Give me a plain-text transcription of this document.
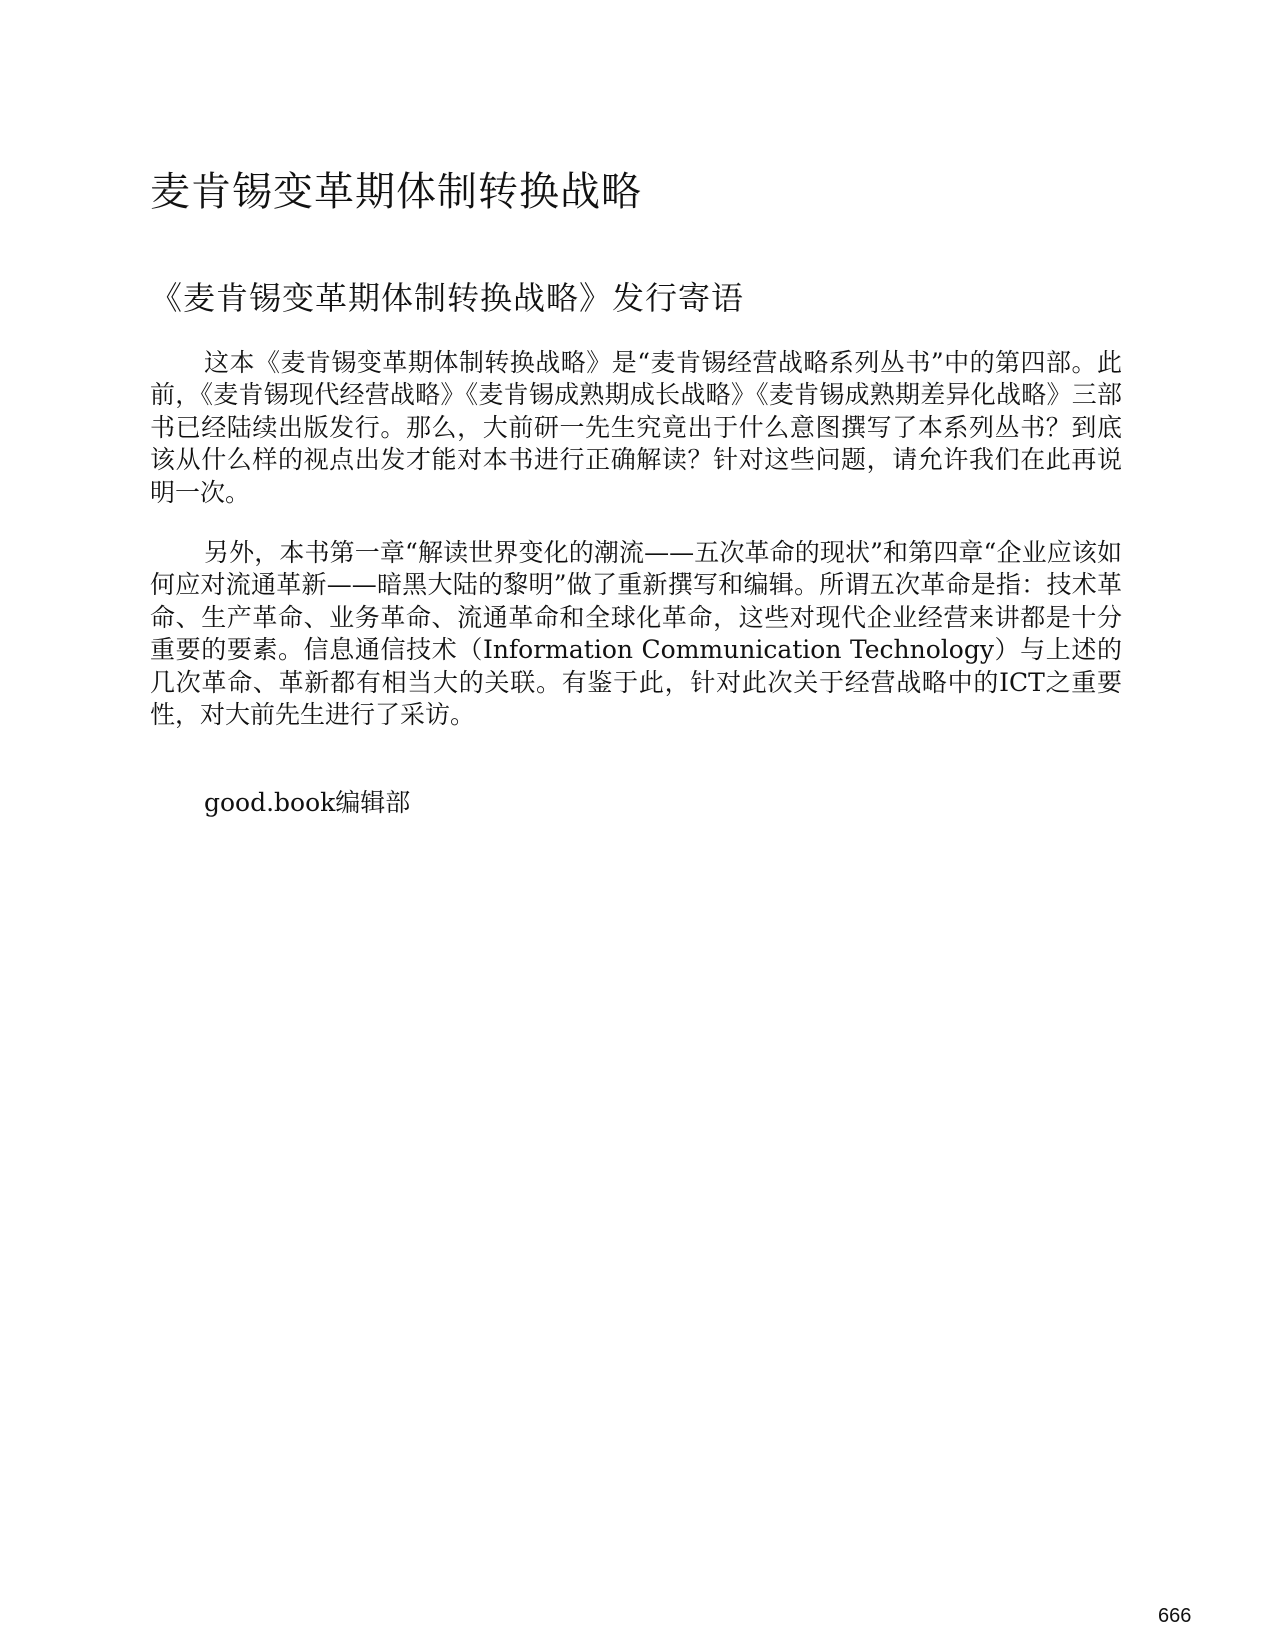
麦肯锡变革期体制转换战略
《麦肯锡变革期体制转换战略》发行寄语

这本《麦肯锡变革期体制转换战略》是“麦肯锡经营战略系列丛书”中的第四部。此前，《麦肯锡现代经营战略》《麦肯锡成熟期成长战略》《麦肯锡成熟期差异化战略》三部书已经陆续出版发行。那么，大前研一先生究竟出于什么意图撰写了本系列丛书？到底该从什么样的视点出发才能对本书进行正确解读？针对这些问题，请允许我们在此再说明一次。

另外，本书第一章“解读世界变化的潮流——五次革命的现状”和第四章“企业应该如何应对流通革新——暗黑大陆的黎明”做了重新撰写和编辑。所谓五次革命是指：技术革命、生产革命、业务革命、流通革命和全球化革命，这些对现代企业经营来讲都是十分重要的要素。信息通信技术（Information Communication Technology）与上述的几次革命、革新都有相当大的关联。有鉴于此，针对此次关于经营战略中的ICT之重要性，对大前先生进行了采访。

good.book编辑部

666
